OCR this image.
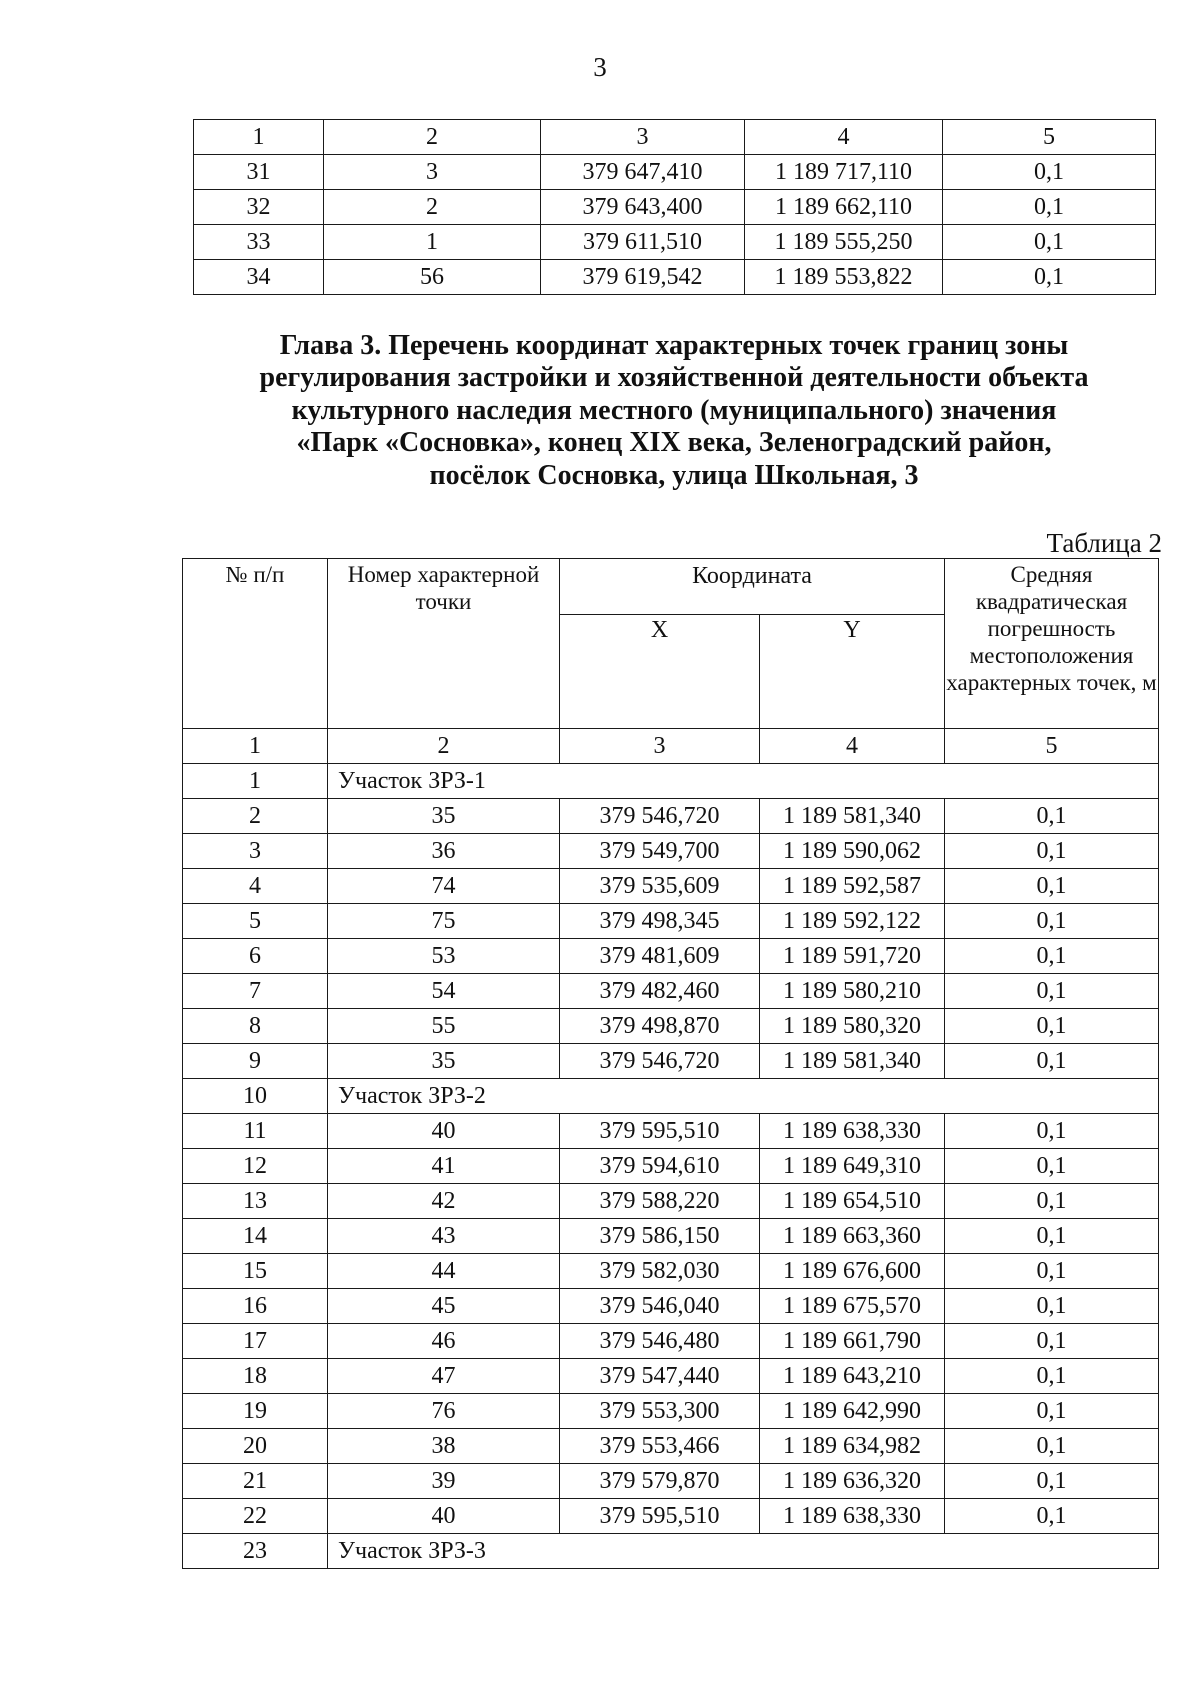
3
1	2	3	4	5
31	3	379 647,410	1 189 717,110	0,1
32	2	379 643,400	1 189 662,110	0,1
33	1	379 611,510	1 189 555,250	0,1
34	56	379 619,542	1 189 553,822	0,1
Глава 3. Перечень координат характерных точек границ зоны
регулирования застройки и хозяйственной деятельности объекта
культурного наследия местного (муниципального) значения
«Парк «Сосновка», конец XIX века, Зеленоградский район,
посёлок Сосновка, улица Школьная, 3
Таблица 2
№ п/п	Номер характерной точки	Координата		Средняя квадратическая погрешность местоположения характерных точек, м
		X	Y	
1	2	3	4	5
1	Участок ЗРЗ-1			
2	35	379 546,720	1 189 581,340	0,1
3	36	379 549,700	1 189 590,062	0,1
4	74	379 535,609	1 189 592,587	0,1
5	75	379 498,345	1 189 592,122	0,1
6	53	379 481,609	1 189 591,720	0,1
7	54	379 482,460	1 189 580,210	0,1
8	55	379 498,870	1 189 580,320	0,1
9	35	379 546,720	1 189 581,340	0,1
10	Участок ЗРЗ-2			
11	40	379 595,510	1 189 638,330	0,1
12	41	379 594,610	1 189 649,310	0,1
13	42	379 588,220	1 189 654,510	0,1
14	43	379 586,150	1 189 663,360	0,1
15	44	379 582,030	1 189 676,600	0,1
16	45	379 546,040	1 189 675,570	0,1
17	46	379 546,480	1 189 661,790	0,1
18	47	379 547,440	1 189 643,210	0,1
19	76	379 553,300	1 189 642,990	0,1
20	38	379 553,466	1 189 634,982	0,1
21	39	379 579,870	1 189 636,320	0,1
22	40	379 595,510	1 189 638,330	0,1
23	Участок ЗРЗ-3			
